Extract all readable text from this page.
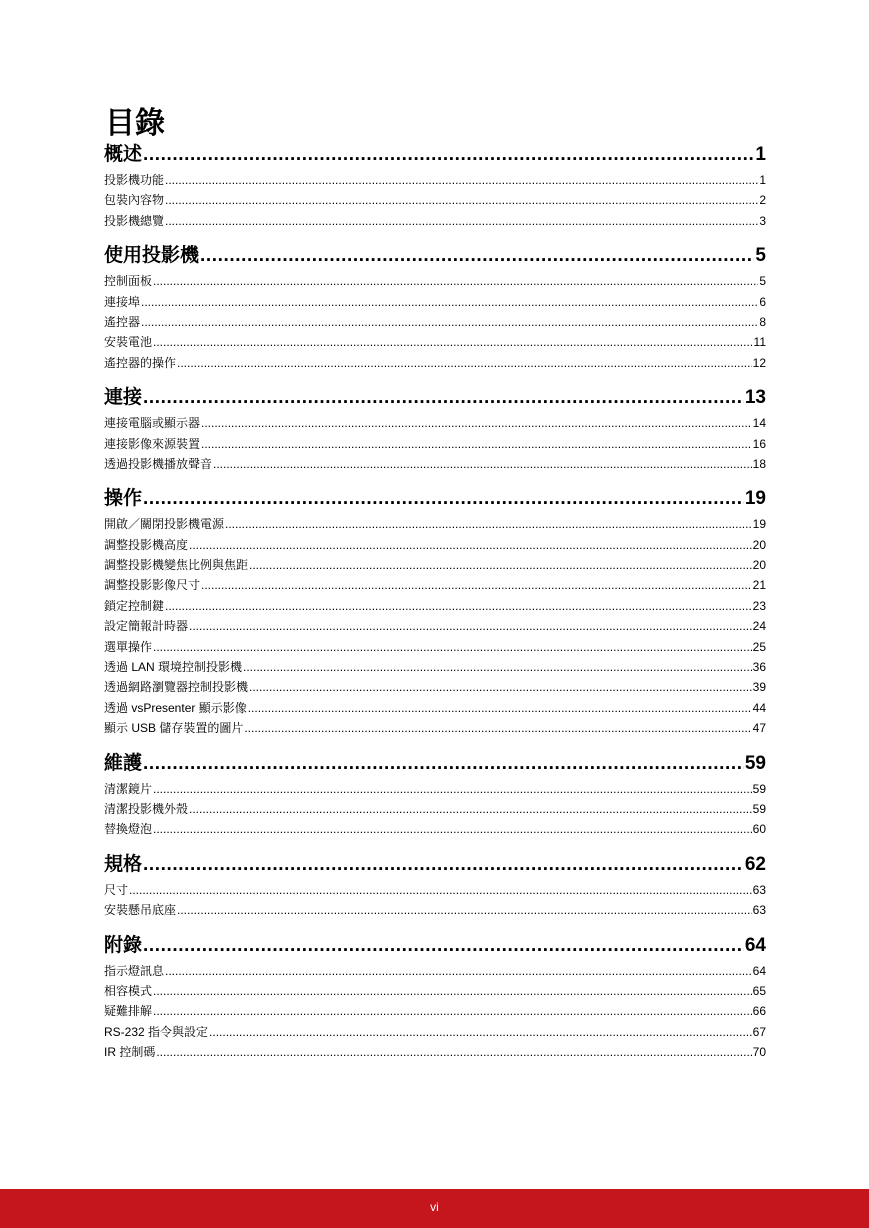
目錄
概述 .....	1
投影機功能 .....	1
包裝內容物 .....	2
投影機總覽 .....	3
使用投影機 .....	5
控制面板 .....	5
連接埠 .....	6
遙控器 .....	8
安裝電池 .....	11
遙控器的操作 .....	12
連接 .....	13
連接電腦或顯示器 .....	14
連接影像來源裝置 .....	16
透過投影機播放聲音 .....	18
操作 .....	19
開啟／關閉投影機電源 .....	19
調整投影機高度 .....	20
調整投影機變焦比例與焦距 .....	20
調整投影影像尺寸 .....	21
鎖定控制鍵 .....	23
設定簡報計時器 .....	24
選單操作 .....	25
透過 LAN 環境控制投影機 .....	36
透過網路瀏覽器控制投影機 .....	39
透過 vsPresenter 顯示影像 .....	44
顯示 USB 儲存裝置的圖片 .....	47
維護 .....	59
清潔鏡片 .....	59
清潔投影機外殼 .....	59
替換燈泡 .....	60
規格 .....	62
尺寸 .....	63
安裝懸吊底座 .....	63
附錄 .....	64
指示燈訊息 .....	64
相容模式 .....	65
疑難排解 .....	66
RS-232 指令與設定 .....	67
IR 控制碼 .....	70
vi
